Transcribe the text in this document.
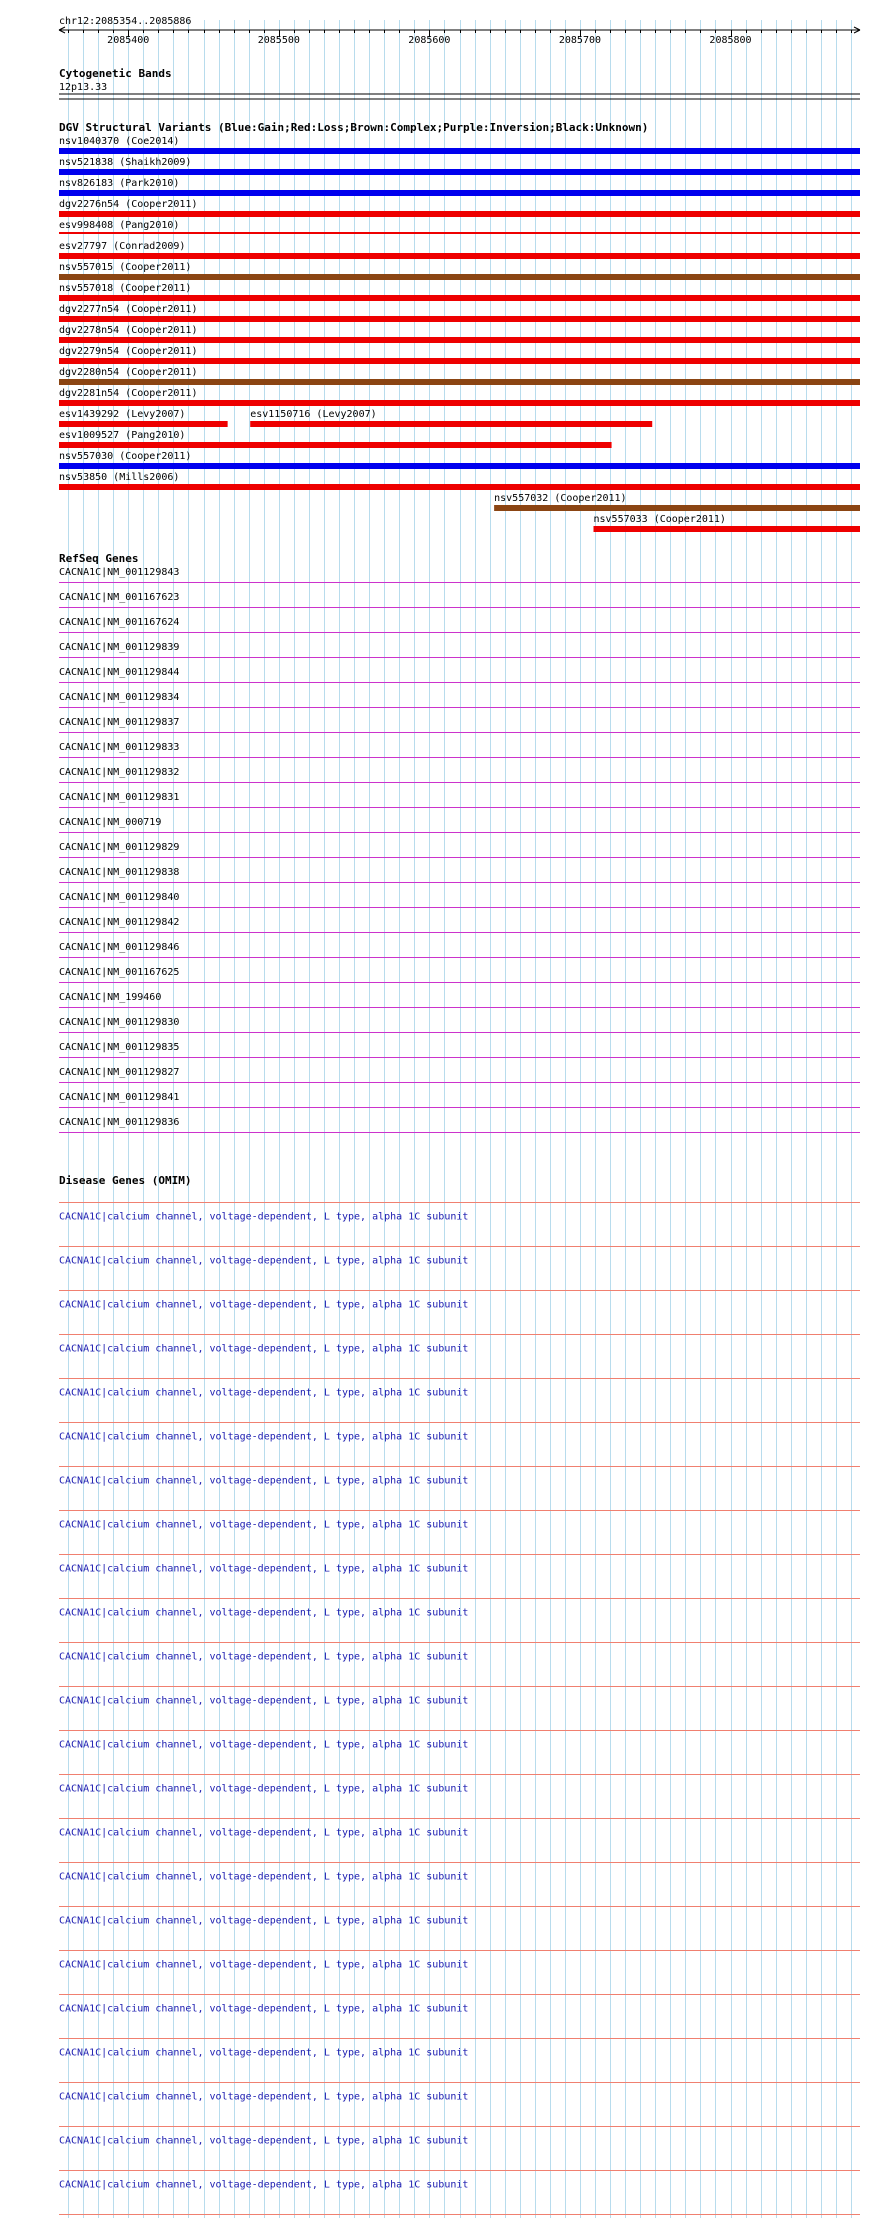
chr12:2085354..2085886
2085400	2085500	2085600	2085700	2085800
Cytogenetic Bands
12p13.33
DGV Structural Variants (Blue:Gain;Red:Loss;Brown:Complex;Purple:Inversion;Black:Unknown)
nsv1040370 (Coe2014)
nsv521838 (Shaikh2009)
nsv826183 (Park2010)
dgv2276n54 (Cooper2011)
esv998408 (Pang2010)
esv27797 (Conrad2009)
nsv557015 (Cooper2011)
nsv557018 (Cooper2011)
dgv2277n54 (Cooper2011)
dgv2278n54 (Cooper2011)
dgv2279n54 (Cooper2011)
dgv2280n54 (Cooper2011)
dgv2281n54 (Cooper2011)
esv1439292 (Levy2007)	esv1150716 (Levy2007)
esv1009527 (Pang2010)
nsv557030 (Cooper2011)
nsv53850 (Mills2006)
nsv557032 (Cooper2011)
nsv557033 (Cooper2011)
RefSeq Genes
CACNA1C|NM_001129843
CACNA1C|NM_001167623
CACNA1C|NM_001167624
CACNA1C|NM_001129839
CACNA1C|NM_001129844
CACNA1C|NM_001129834
CACNA1C|NM_001129837
CACNA1C|NM_001129833
CACNA1C|NM_001129832
CACNA1C|NM_001129831
CACNA1C|NM_000719
CACNA1C|NM_001129829
CACNA1C|NM_001129838
CACNA1C|NM_001129840
CACNA1C|NM_001129842
CACNA1C|NM_001129846
CACNA1C|NM_001167625
CACNA1C|NM_199460
CACNA1C|NM_001129830
CACNA1C|NM_001129835
CACNA1C|NM_001129827
CACNA1C|NM_001129841
CACNA1C|NM_001129836
Disease Genes (OMIM)
CACNA1C|calcium channel, voltage-dependent, L type, alpha 1C subunit
CACNA1C|calcium channel, voltage-dependent, L type, alpha 1C subunit
CACNA1C|calcium channel, voltage-dependent, L type, alpha 1C subunit
CACNA1C|calcium channel, voltage-dependent, L type, alpha 1C subunit
CACNA1C|calcium channel, voltage-dependent, L type, alpha 1C subunit
CACNA1C|calcium channel, voltage-dependent, L type, alpha 1C subunit
CACNA1C|calcium channel, voltage-dependent, L type, alpha 1C subunit
CACNA1C|calcium channel, voltage-dependent, L type, alpha 1C subunit
CACNA1C|calcium channel, voltage-dependent, L type, alpha 1C subunit
CACNA1C|calcium channel, voltage-dependent, L type, alpha 1C subunit
CACNA1C|calcium channel, voltage-dependent, L type, alpha 1C subunit
CACNA1C|calcium channel, voltage-dependent, L type, alpha 1C subunit
CACNA1C|calcium channel, voltage-dependent, L type, alpha 1C subunit
CACNA1C|calcium channel, voltage-dependent, L type, alpha 1C subunit
CACNA1C|calcium channel, voltage-dependent, L type, alpha 1C subunit
CACNA1C|calcium channel, voltage-dependent, L type, alpha 1C subunit
CACNA1C|calcium channel, voltage-dependent, L type, alpha 1C subunit
CACNA1C|calcium channel, voltage-dependent, L type, alpha 1C subunit
CACNA1C|calcium channel, voltage-dependent, L type, alpha 1C subunit
CACNA1C|calcium channel, voltage-dependent, L type, alpha 1C subunit
CACNA1C|calcium channel, voltage-dependent, L type, alpha 1C subunit
CACNA1C|calcium channel, voltage-dependent, L type, alpha 1C subunit
CACNA1C|calcium channel, voltage-dependent, L type, alpha 1C subunit
